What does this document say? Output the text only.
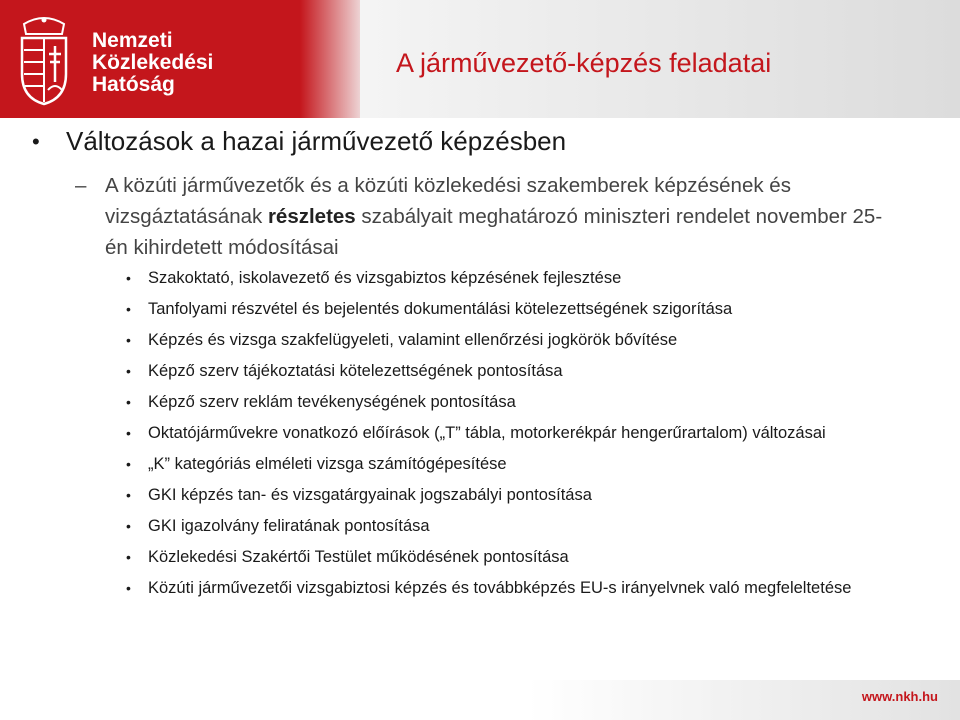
Nemzeti
Közlekedési
Hatóság
A járművezető-képzés feladatai
•	Változások a hazai járművezető képzésben
– A közúti járművezetők és a közúti közlekedési szakemberek képzésének és vizsgáztatásának részletes szabályait meghatározó miniszteri rendelet november 25-én kihirdetett módosításai
• Szakoktató, iskolavezető és vizsgabiztos képzésének fejlesztése
• Tanfolyami részvétel és bejelentés dokumentálási kötelezettségének szigorítása
• Képzés és vizsga szakfelügyeleti, valamint ellenőrzési jogkörök bővítése
• Képző szerv tájékoztatási kötelezettségének pontosítása
• Képző szerv reklám tevékenységének pontosítása
• Oktatójárművekre vonatkozó előírások („T” tábla, motorkerékpár hengerűrartalom) változásai
• „K” kategóriás elméleti vizsga számítógépesítése
• GKI képzés tan- és vizsgatárgyainak jogszabályi pontosítása
• GKI igazolvány feliratának pontosítása
• Közlekedési Szakértői Testület működésének pontosítása
• Közúti járművezetői vizsgabiztosi képzés és továbbképzés EU-s irányelvnek való megfeleltetése
www.nkh.hu
